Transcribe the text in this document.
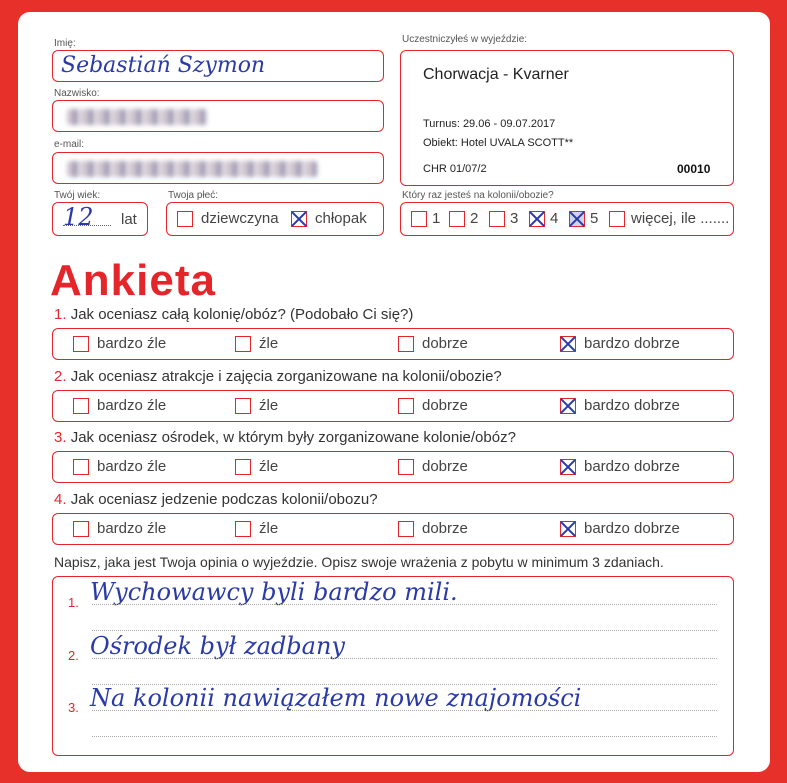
Imię:
Sebastiań Szymon
Nazwisko:
e-mail:
Twój wiek:
12 lat
Twoja płeć:
dziewczyna chłopak
Uczestniczyłeś w wyjeździe:
Chorwacja - Kvarner
Turnus: 29.06 - 09.07.2017
Obiekt: Hotel UVALA SCOTT**
CHR 01/07/2	00010
Który raz jesteś na kolonii/obozie?
1 2 3 4 5 więcej, ile .......
Ankieta
1. Jak oceniasz całą kolonię/obóz? (Podobało Ci się?)
bardzo źle	źle	dobrze	bardzo dobrze
2. Jak oceniasz atrakcje i zajęcia zorganizowane na kolonii/obozie?
bardzo źle	źle	dobrze	bardzo dobrze
3. Jak oceniasz ośrodek, w którym były zorganizowane kolonie/obóz?
bardzo źle	źle	dobrze	bardzo dobrze
4. Jak oceniasz jedzenie podczas kolonii/obozu?
bardzo źle	źle	dobrze	bardzo dobrze
Napisz, jaka jest Twoja opinia o wyjeździe. Opisz swoje wrażenia z pobytu w minimum 3 zdaniach.
1. Wychowawcy byli bardzo mili.
2. Ośrodek był zadbany
3. Na kolonii nawiązałem nowe znajomości
